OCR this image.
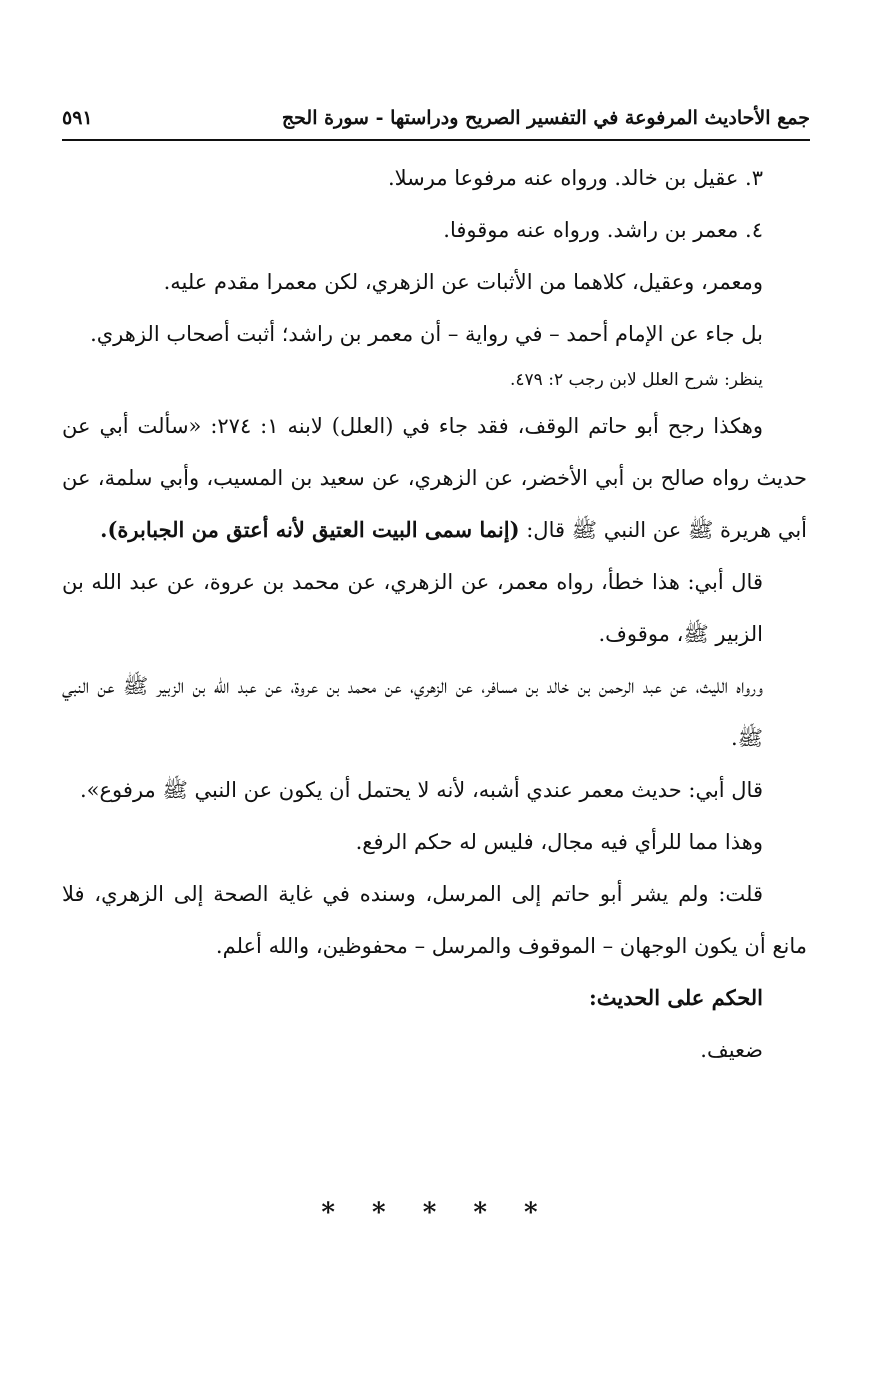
جمع الأحاديث المرفوعة في التفسير الصريح ودراستها - سورة الحج
٥٩١

٣. عقيل بن خالد. ورواه عنه مرفوعا مرسلا.

٤. معمر بن راشد. ورواه عنه موقوفا.

ومعمر، وعقيل، كلاهما من الأثبات عن الزهري، لكن معمرا مقدم عليه.

بل جاء عن الإمام أحمد – في رواية – أن معمر بن راشد؛ أثبت أصحاب الزهري.

ينظر: شرح العلل لابن رجب ٢: ٤٧٩.

وهكذا رجح أبو حاتم الوقف، فقد جاء في (العلل) لابنه ١: ٢٧٤: «سألت أبي عن حديث رواه صالح بن أبي الأخضر، عن الزهري، عن سعيد بن المسيب، وأبي سلمة، عن أبي هريرة ﷺ عن النبي ﷺ قال: (إنما سمى البيت العتيق لأنه أعتق من الجبابرة).

قال أبي: هذا خطأ، رواه معمر، عن الزهري، عن محمد بن عروة، عن عبد الله بن الزبير ﷺ، موقوف.

ورواه الليث، عن عبد الرحمن بن خالد بن مسافر، عن الزهري، عن محمد بن عروة، عن عبد الله بن الزبير ﷺ عن النبي ﷺ.

قال أبي: حديث معمر عندي أشبه، لأنه لا يحتمل أن يكون عن النبي ﷺ مرفوع».

وهذا مما للرأي فيه مجال، فليس له حكم الرفع.

قلت: ولم يشر أبو حاتم إلى المرسل، وسنده في غاية الصحة إلى الزهري، فلا مانع أن يكون الوجهان – الموقوف والمرسل – محفوظين، والله أعلم.

الحكم على الحديث:

ضعيف.

* * * * *
